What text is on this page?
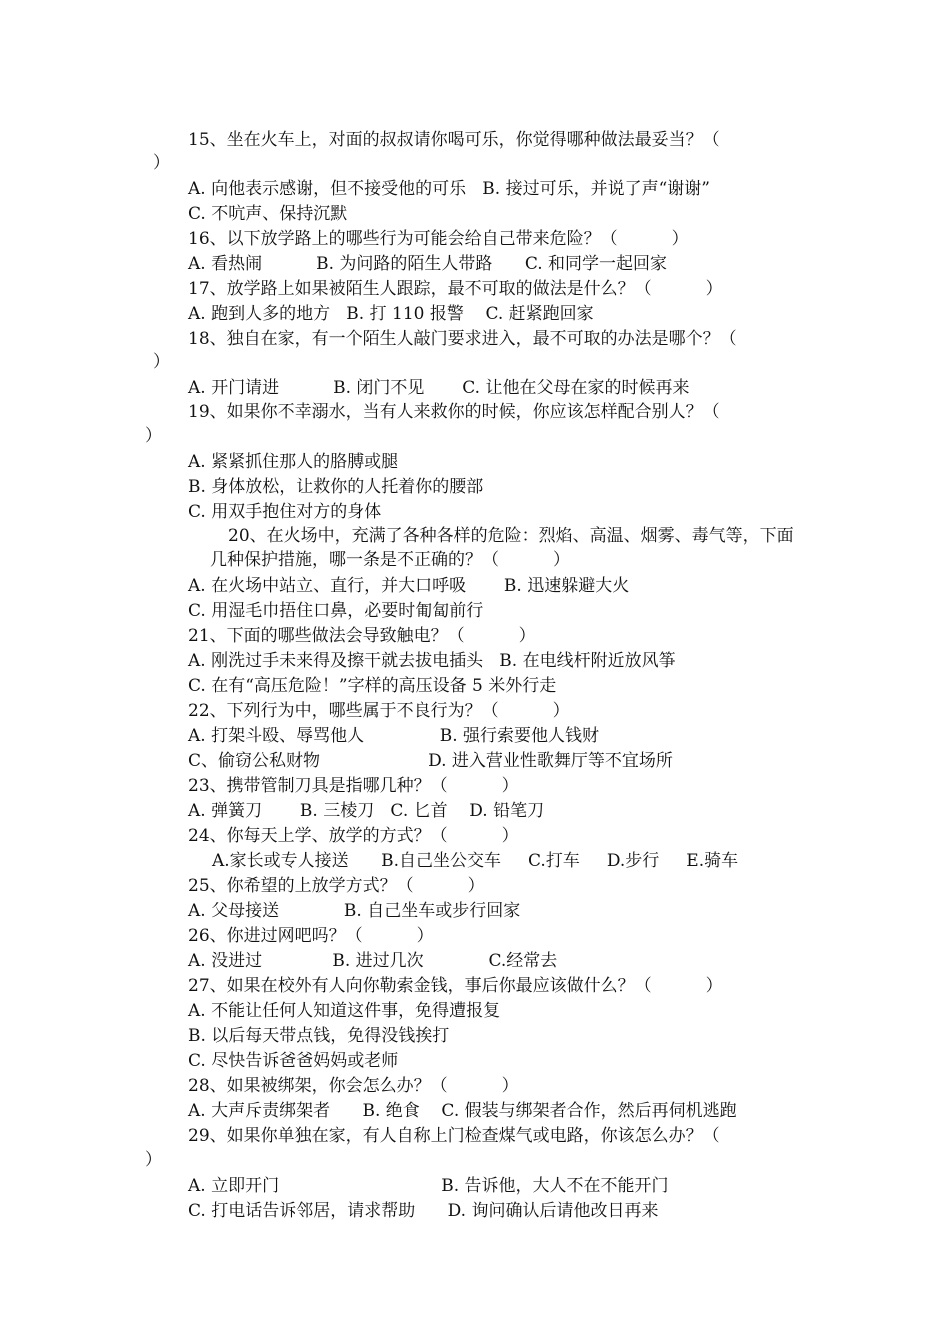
15、坐在火车上，对面的叔叔请你喝可乐，你觉得哪种做法最妥当？（
）
A. 向他表示感谢，但不接受他的可乐   B. 接过可乐，并说了声“谢谢”
C. 不吭声、保持沉默
16、以下放学路上的哪些行为可能会给自己带来危险？（          ）
A. 看热闹          B. 为问路的陌生人带路      C. 和同学一起回家
17、放学路上如果被陌生人跟踪，最不可取的做法是什么？（          ）
A. 跑到人多的地方   B. 打 110 报警    C. 赶紧跑回家
18、独自在家，有一个陌生人敲门要求进入，最不可取的办法是哪个？（
）
A. 开门请进          B. 闭门不见       C. 让他在父母在家的时候再来
19、如果你不幸溺水，当有人来救你的时候，你应该怎样配合别人？（
）
A. 紧紧抓住那人的胳膊或腿
B. 身体放松，让救你的人托着你的腰部
C. 用双手抱住对方的身体
20、在火场中，充满了各种各样的危险：烈焰、高温、烟雾、毒气等，下面
几种保护措施，哪一条是不正确的？（          ）
A. 在火场中站立、直行，并大口呼吸       B. 迅速躲避大火
C. 用湿毛巾捂住口鼻，必要时匍匐前行
21、下面的哪些做法会导致触电？（          ）
A. 刚洗过手未来得及擦干就去拔电插头   B. 在电线杆附近放风筝
C. 在有“高压危险！”字样的高压设备 5 米外行走
22、下列行为中，哪些属于不良行为？（          ）
A. 打架斗殴、辱骂他人              B. 强行索要他人钱财
C、偷窃公私财物                    D. 进入营业性歌舞厅等不宜场所
23、携带管制刀具是指哪几种？（          ）
A. 弹簧刀       B. 三棱刀   C. 匕首    D. 铅笔刀
24、你每天上学、放学的方式？（          ）
A.家长或专人接送      B.自己坐公交车     C.打车     D.步行     E.骑车
25、你希望的上放学方式？（          ）
A. 父母接送            B. 自己坐车或步行回家
26、你进过网吧吗？（          ）
A. 没进过             B. 进过几次            C.经常去
27、如果在校外有人向你勒索金钱，事后你最应该做什么？（          ）
A. 不能让任何人知道这件事，免得遭报复
B. 以后每天带点钱，免得没钱挨打
C. 尽快告诉爸爸妈妈或老师
28、如果被绑架，你会怎么办？（          ）
A. 大声斥责绑架者      B. 绝食    C. 假装与绑架者合作，然后再伺机逃跑
29、如果你单独在家，有人自称上门检查煤气或电路，你该怎么办？（
）
A. 立即开门                              B. 告诉他，大人不在不能开门
C. 打电话告诉邻居，请求帮助      D. 询问确认后请他改日再来
